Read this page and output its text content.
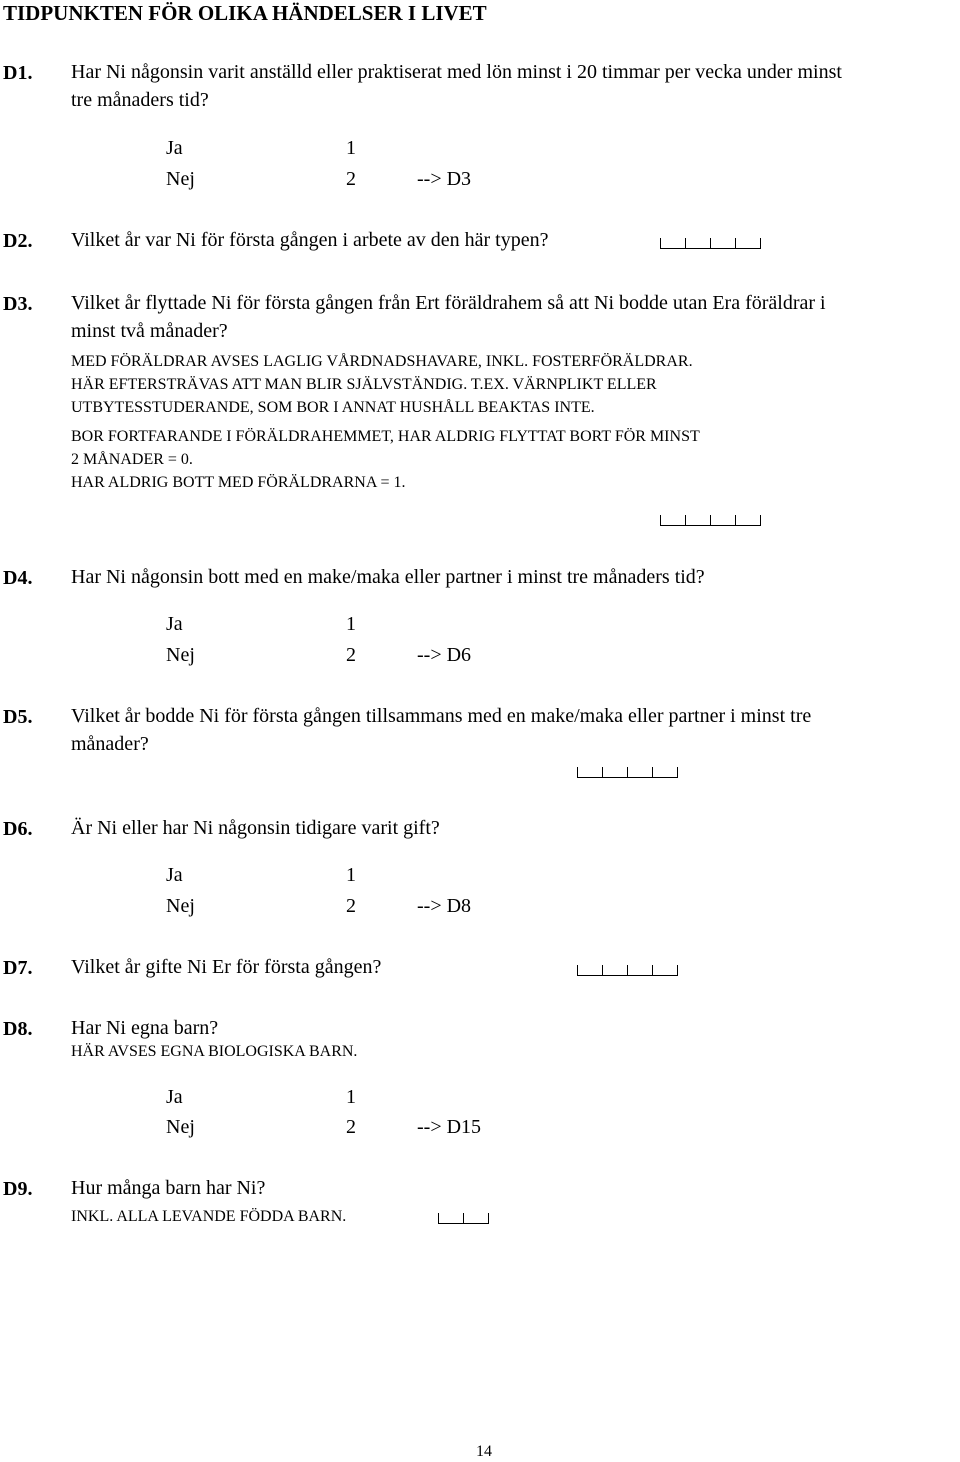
TIDPUNKTEN FÖR OLIKA HÄNDELSER I LIVET
D1. Har Ni någonsin varit anställd eller praktiserat med lön minst i 20 timmar per vecka under minst
tre månaders tid?
Ja	1
Nej	2	--> D3
D2. Vilket år var Ni för första gången i arbete av den här typen?
D3. Vilket år flyttade Ni för första gången från Ert föräldrahem så att Ni bodde utan Era föräldrar i
minst två månader?
MED FÖRÄLDRAR AVSES LAGLIG VÅRDNADSHAVARE, INKL. FOSTERFÖRÄLDRAR.
HÄR EFTERSTRÄVAS ATT MAN BLIR SJÄLVSTÄNDIG. T.EX. VÄRNPLIKT ELLER
UTBYTESSTUDERANDE, SOM BOR I ANNAT HUSHÅLL BEAKTAS INTE.
BOR FORTFARANDE I FÖRÄLDRAHEMMET, HAR ALDRIG FLYTTAT BORT FÖR MINST
2 MÅNADER = 0.
HAR ALDRIG BOTT MED FÖRÄLDRARNA = 1.
D4. Har Ni någonsin bott med en make/maka eller partner i minst tre månaders tid?
Ja	1
Nej	2	--> D6
D5. Vilket år bodde Ni för första gången tillsammans med en make/maka eller partner i minst tre
månader?
D6. Är Ni eller har Ni någonsin tidigare varit gift?
Ja	1
Nej	2	--> D8
D7. Vilket år gifte Ni Er för första gången?
D8. Har Ni egna barn?
HÄR AVSES EGNA BIOLOGISKA BARN.
Ja	1
Nej	2	--> D15
D9. Hur många barn har Ni?
INKL. ALLA LEVANDE FÖDDA BARN.
14
